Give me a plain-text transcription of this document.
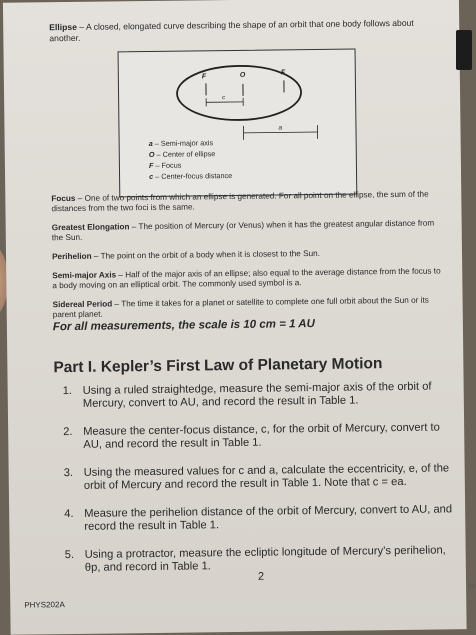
Ellipse – A closed, elongated curve describing the shape of an orbit that one body follows about another.
F	O	F
c
a
a – Semi-major axis
O – Center of ellipse
F – Focus
c – Center-focus distance

Focus – One of two points from which an ellipse is generated. For all point on the ellipse, the sum of the distances from the two foci is the same.

Greatest Elongation – The position of Mercury (or Venus) when it has the greatest angular distance from the Sun.

Perihelion – The point on the orbit of a body when it is closest to the Sun.

Semi-major Axis – Half of the major axis of an ellipse; also equal to the average distance from the focus to a body moving on an elliptical orbit. The commonly used symbol is a.

Sidereal Period – The time it takes for a planet or satellite to complete one full orbit about the Sun or its parent planet.

For all measurements, the scale is 10 cm = 1 AU
Part I. Kepler’s First Law of Planetary Motion
1. Using a ruled straightedge, measure the semi-major axis of the orbit of Mercury, convert to AU, and record the result in Table 1.
2. Measure the center-focus distance, c, for the orbit of Mercury, convert to AU, and record the result in Table 1.
3. Using the measured values for c and a, calculate the eccentricity, e, of the orbit of Mercury and record the result in Table 1. Note that c = ea.
4. Measure the perihelion distance of the orbit of Mercury, convert to AU, and record the result in Table 1.
5. Using a protractor, measure the ecliptic longitude of Mercury’s perihelion, θp, and record in Table 1.
2
PHYS202A
20
